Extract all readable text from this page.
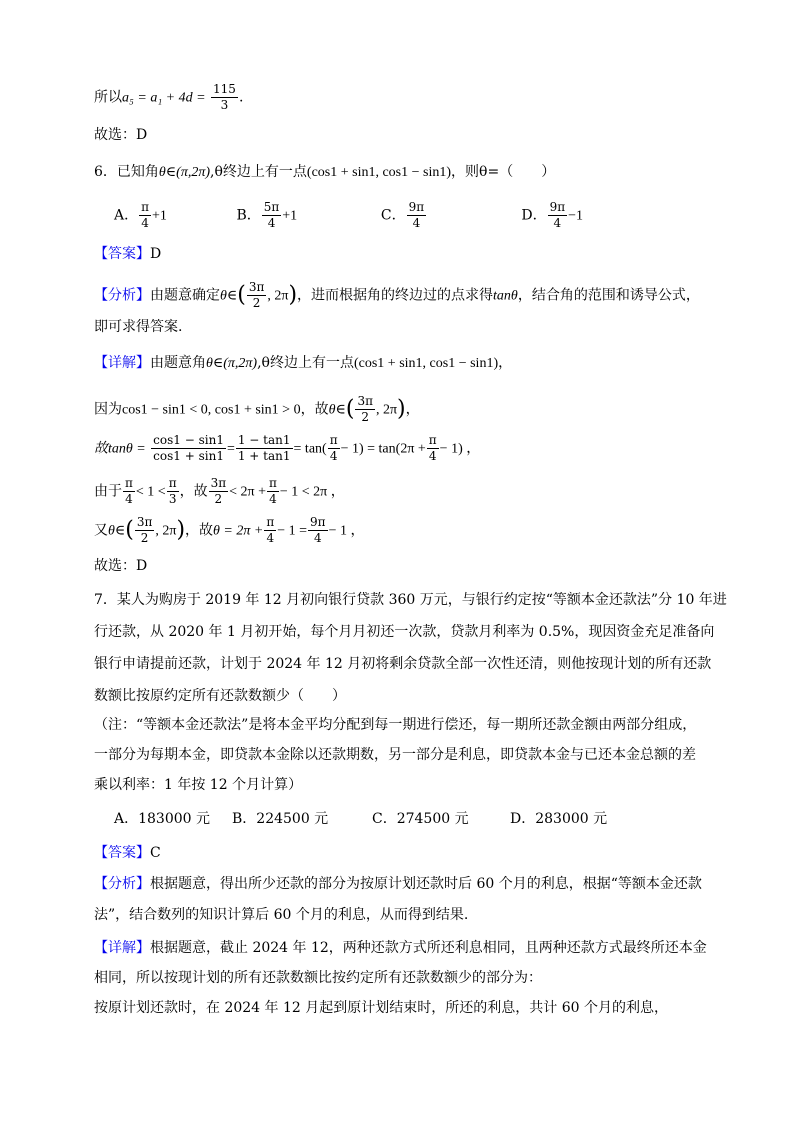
所以$a_5 = a_1 + 4d = \frac{115}{3}$ .
故选：D
6．已知角θ∈(π,2π),θ终边上有一点(cos1 + sin1, cos1 − sin1)，则θ=（　　）
A． $\frac{\pi}{4} +1$	B． $\frac{5\pi}{4} +1$	C． $\frac{9\pi}{4}$	D． $\frac{9\pi}{4} -1$
【答案】D
【分析】由题意确定θ∈( $\frac{3\pi}{2}$ , 2π)，进而根据角的终边过的点求得tanθ，结合角的范围和诱导公式，
即可求得答案.
【详解】由题意角θ∈(π,2π),θ终边上有一点(cos1 + sin1, cos1 − sin1)，
因为cos1 − sin1 < 0, cos1 + sin1 > 0，故θ∈( $\frac{3\pi}{2}$ , 2π)，
故$\tan\theta = \frac{\cos 1 - \sin 1}{\cos 1 + \sin 1} = \frac{1 - \tan 1}{1 + \tan 1} = \tan( \frac{\pi}{4} - 1) = \tan(2\pi + \frac{\pi}{4} - 1)$ ，
由于 $\frac{\pi}{4} < 1 < \frac{\pi}{3}$ ，故 $\frac{3\pi}{2} < 2\pi + \frac{\pi}{4} - 1 < 2\pi$ ，
又θ∈( $\frac{3\pi}{2}$ , 2π)，故$\theta = 2\pi + \frac{\pi}{4} - 1 = \frac{9\pi}{4} - 1$ ，
故选：D
7．某人为购房于 2019 年 12 月初向银行贷款 360 万元，与银行约定按“等额本金还款法”分 10 年进
行还款，从 2020 年 1 月初开始，每个月月初还一次款，贷款月利率为 0.5%，现因资金充足准备向
银行申请提前还款，计划于 2024 年 12 月初将剩余贷款全部一次性还清，则他按现计划的所有还款
数额比按原约定所有还款数额少（　　）
（注：“等额本金还款法”是将本金平均分配到每一期进行偿还，每一期所还款金额由两部分组成，
一部分为每期本金，即贷款本金除以还款期数，另一部分是利息，即贷款本金与已还本金总额的差
乘以利率：1 年按 12 个月计算）
A．183000 元 B．224500 元	C．274500 元	D．283000 元
【答案】C
【分析】根据题意，得出所少还款的部分为按原计划还款时后 60 个月的利息，根据“等额本金还款
法”，结合数列的知识计算后 60 个月的利息，从而得到结果.
【详解】根据题意，截止 2024 年 12，两种还款方式所还利息相同，且两种还款方式最终所还本金
相同，所以按现计划的所有还款数额比按约定所有还款数额少的部分为：
按原计划还款时，在 2024 年 12 月起到原计划结束时，所还的利息，共计 60 个月的利息，
